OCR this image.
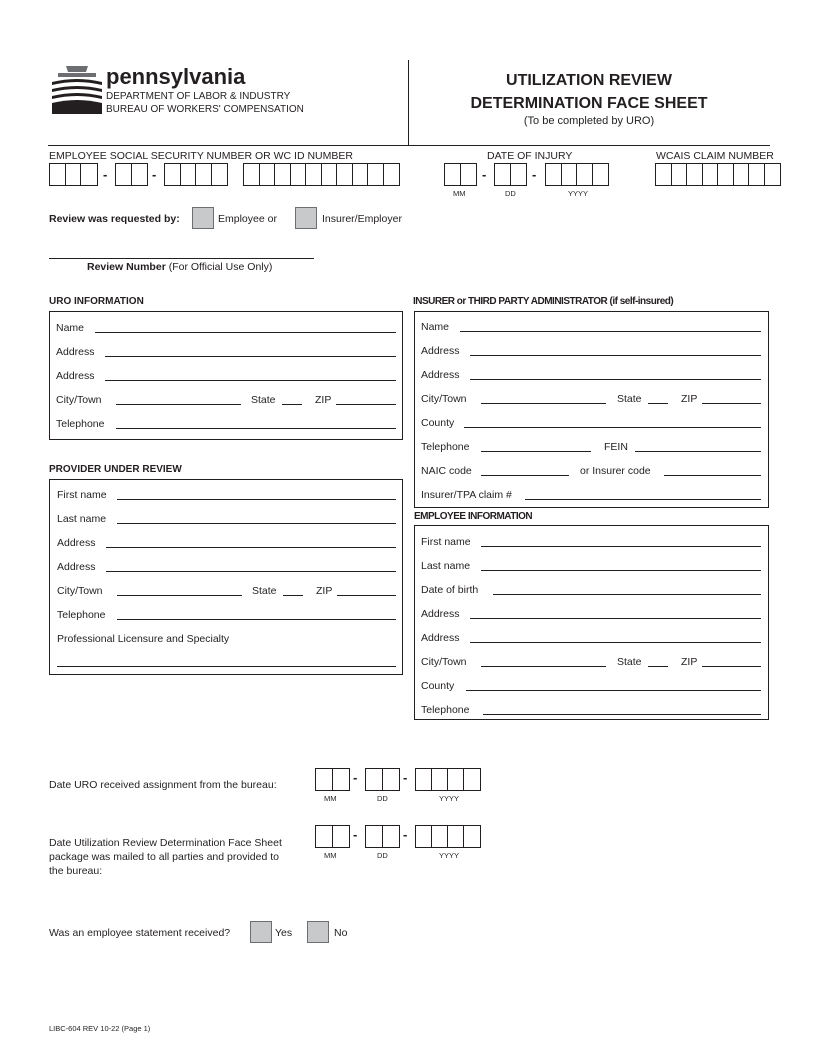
pennsylvania
DEPARTMENT OF LABOR & INDUSTRY
BUREAU OF WORKERS' COMPENSATION
UTILIZATION REVIEW
DETERMINATION FACE SHEET
(To be completed by URO)
EMPLOYEE SOCIAL SECURITY NUMBER OR WC ID NUMBER
-	-
DATE OF INJURY
-	-
MM	DD	YYYY
WCAIS CLAIM NUMBER
Review was requested by:	Employee or	Insurer/Employer
Review Number (For Official Use Only)
URO INFORMATION
Name
Address
Address
City/Town	State	ZIP
Telephone
INSURER or THIRD PARTY ADMINISTRATOR (if self-insured)
Name
Address
Address
City/Town	State	ZIP
County
Telephone	FEIN
NAIC code	or Insurer code
Insurer/TPA claim #
PROVIDER UNDER REVIEW
First name
Last name
Address
Address
City/Town	State	ZIP
Telephone
Professional Licensure and Specialty
EMPLOYEE INFORMATION
First name
Last name
Date of birth
Address
Address
City/Town	State	ZIP
County
Telephone
Date URO received assignment from the bureau:	-	-
MM	DD	YYYY
Date Utilization Review Determination Face Sheet
package was mailed to all parties and provided to
the bureau:
-	-
MM	DD	YYYY
Was an employee statement received?	Yes	No
LIBC-604 REV 10-22 (Page 1)
